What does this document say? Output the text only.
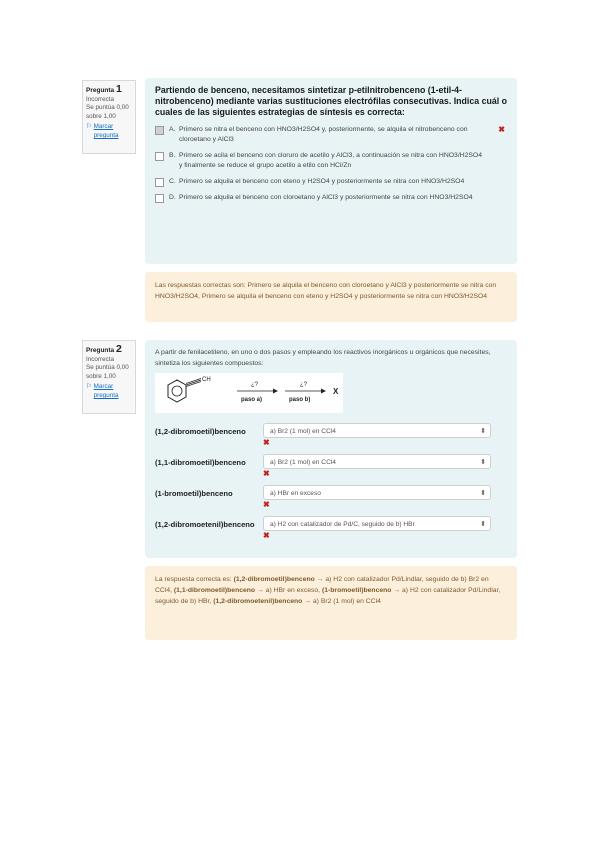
Pregunta 1
Incorrecta
Se puntúa 0,00 sobre 1,00
⚐ Marcar pregunta
Partiendo de benceno, necesitamos sintetizar p-etilnitrobenceno (1-etil-4-nitrobenceno) mediante varias sustituciones electrófilas consecutivas. Indica cuál o cuales de las siguientes estrategias de síntesis es correcta:
A. Primero se nitra el benceno con HNO3/H2SO4 y, posteriormente, se alquila el nitrobenceno con cloroetano y AlCl3
✖
B. Primero se acila el benceno con cloruro de acetilo y AlCl3, a continuación se nitra con HNO3/H2SO4 y finalmente se reduce el grupo acetilo a etilo con HCl/Zn
C. Primero se alquila el benceno con eteno y H2SO4 y posteriormente se nitra con HNO3/H2SO4
D. Primero se alquila el benceno con cloroetano y AlCl3 y posteriormente se nitra con HNO3/H2SO4
Las respuestas correctas son: Primero se alquila el benceno con cloroetano y AlCl3 y posteriormente se nitra con HNO3/H2SO4, Primero se alquila el benceno con eteno y H2SO4 y posteriormente se nitra con HNO3/H2SO4
Pregunta 2
Incorrecta
Se puntúa 0,00 sobre 1,00
⚐ Marcar pregunta
A partir de fenilacetileno, en uno o dos pasos y empleando los reactivos inorgánicos u orgánicos que necesites, sintetiza los siguientes compuestos:
CH
¿?
paso a)
¿?
paso b)
X
(1,2-dibromoetil)benceno	a) Br2 (1 mol) en CCl4	⬍
✖
(1,1-dibromoetil)benceno	a) Br2 (1 mol) en CCl4	⬍
✖
(1-bromoetil)benceno	a) HBr en exceso	⬍
✖
(1,2-dibromoetenil)benceno	a) H2 con catalizador de Pd/C, seguido de b) HBr	⬍
✖
La respuesta correcta es: (1,2-dibromoetil)benceno → a) H2 con catalizador Pd/Lindlar, seguido de b) Br2 en CCl4, (1,1-dibromoetil)benceno → a) HBr en exceso, (1-bromoetil)benceno → a) H2 con catalizador Pd/Lindlar, seguido de b) HBr, (1,2-dibromoetenil)benceno → a) Br2 (1 mol) en CCl4
